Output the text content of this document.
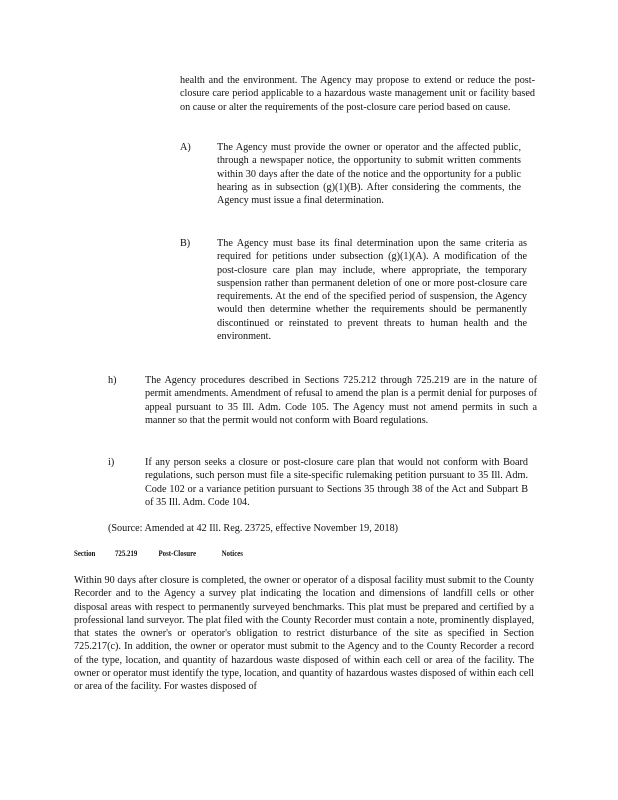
health and the environment. The Agency may propose to extend or reduce the post-closure care period applicable to a hazardous waste management unit or facility based on cause or alter the requirements of the post-closure care period based on cause.
A)	The Agency must provide the owner or operator and the affected public, through a newspaper notice, the opportunity to submit written comments within 30 days after the date of the notice and the opportunity for a public hearing as in subsection (g)(1)(B). After considering the comments, the Agency must issue a final determination.
B)	The Agency must base its final determination upon the same criteria as required for petitions under subsection (g)(1)(A). A modification of the post-closure care plan may include, where appropriate, the temporary suspension rather than permanent deletion of one or more post-closure care requirements. At the end of the specified period of suspension, the Agency would then determine whether the requirements should be permanently discontinued or reinstated to prevent threats to human health and the environment.
h)	The Agency procedures described in Sections 725.212 through 725.219 are in the nature of permit amendments. Amendment of refusal to amend the plan is a permit denial for purposes of appeal pursuant to 35 Ill. Adm. Code 105. The Agency must not amend permits in such a manner so that the permit would not conform with Board regulations.
i)	If any person seeks a closure or post-closure care plan that would not conform with Board regulations, such person must file a site-specific rulemaking petition pursuant to 35 Ill. Adm. Code 102 or a variance petition pursuant to Sections 35 through 38 of the Act and Subpart B of 35 Ill. Adm. Code 104.
(Source: Amended at 42 Ill. Reg. 23725, effective November 19, 2018)
Section 725.219	Post-Closure	Notices
Within 90 days after closure is completed, the owner or operator of a disposal facility must submit to the County Recorder and to the Agency a survey plat indicating the location and dimensions of landfill cells or other disposal areas with respect to permanently surveyed benchmarks. This plat must be prepared and certified by a professional land surveyor. The plat filed with the County Recorder must contain a note, prominently displayed, that states the owner's or operator's obligation to restrict disturbance of the site as specified in Section 725.217(c). In addition, the owner or operator must submit to the Agency and to the County Recorder a record of the type, location, and quantity of hazardous waste disposed of within each cell or area of the facility. The owner or operator must identify the type, location, and quantity of hazardous wastes disposed of within each cell or area of the facility. For wastes disposed of
